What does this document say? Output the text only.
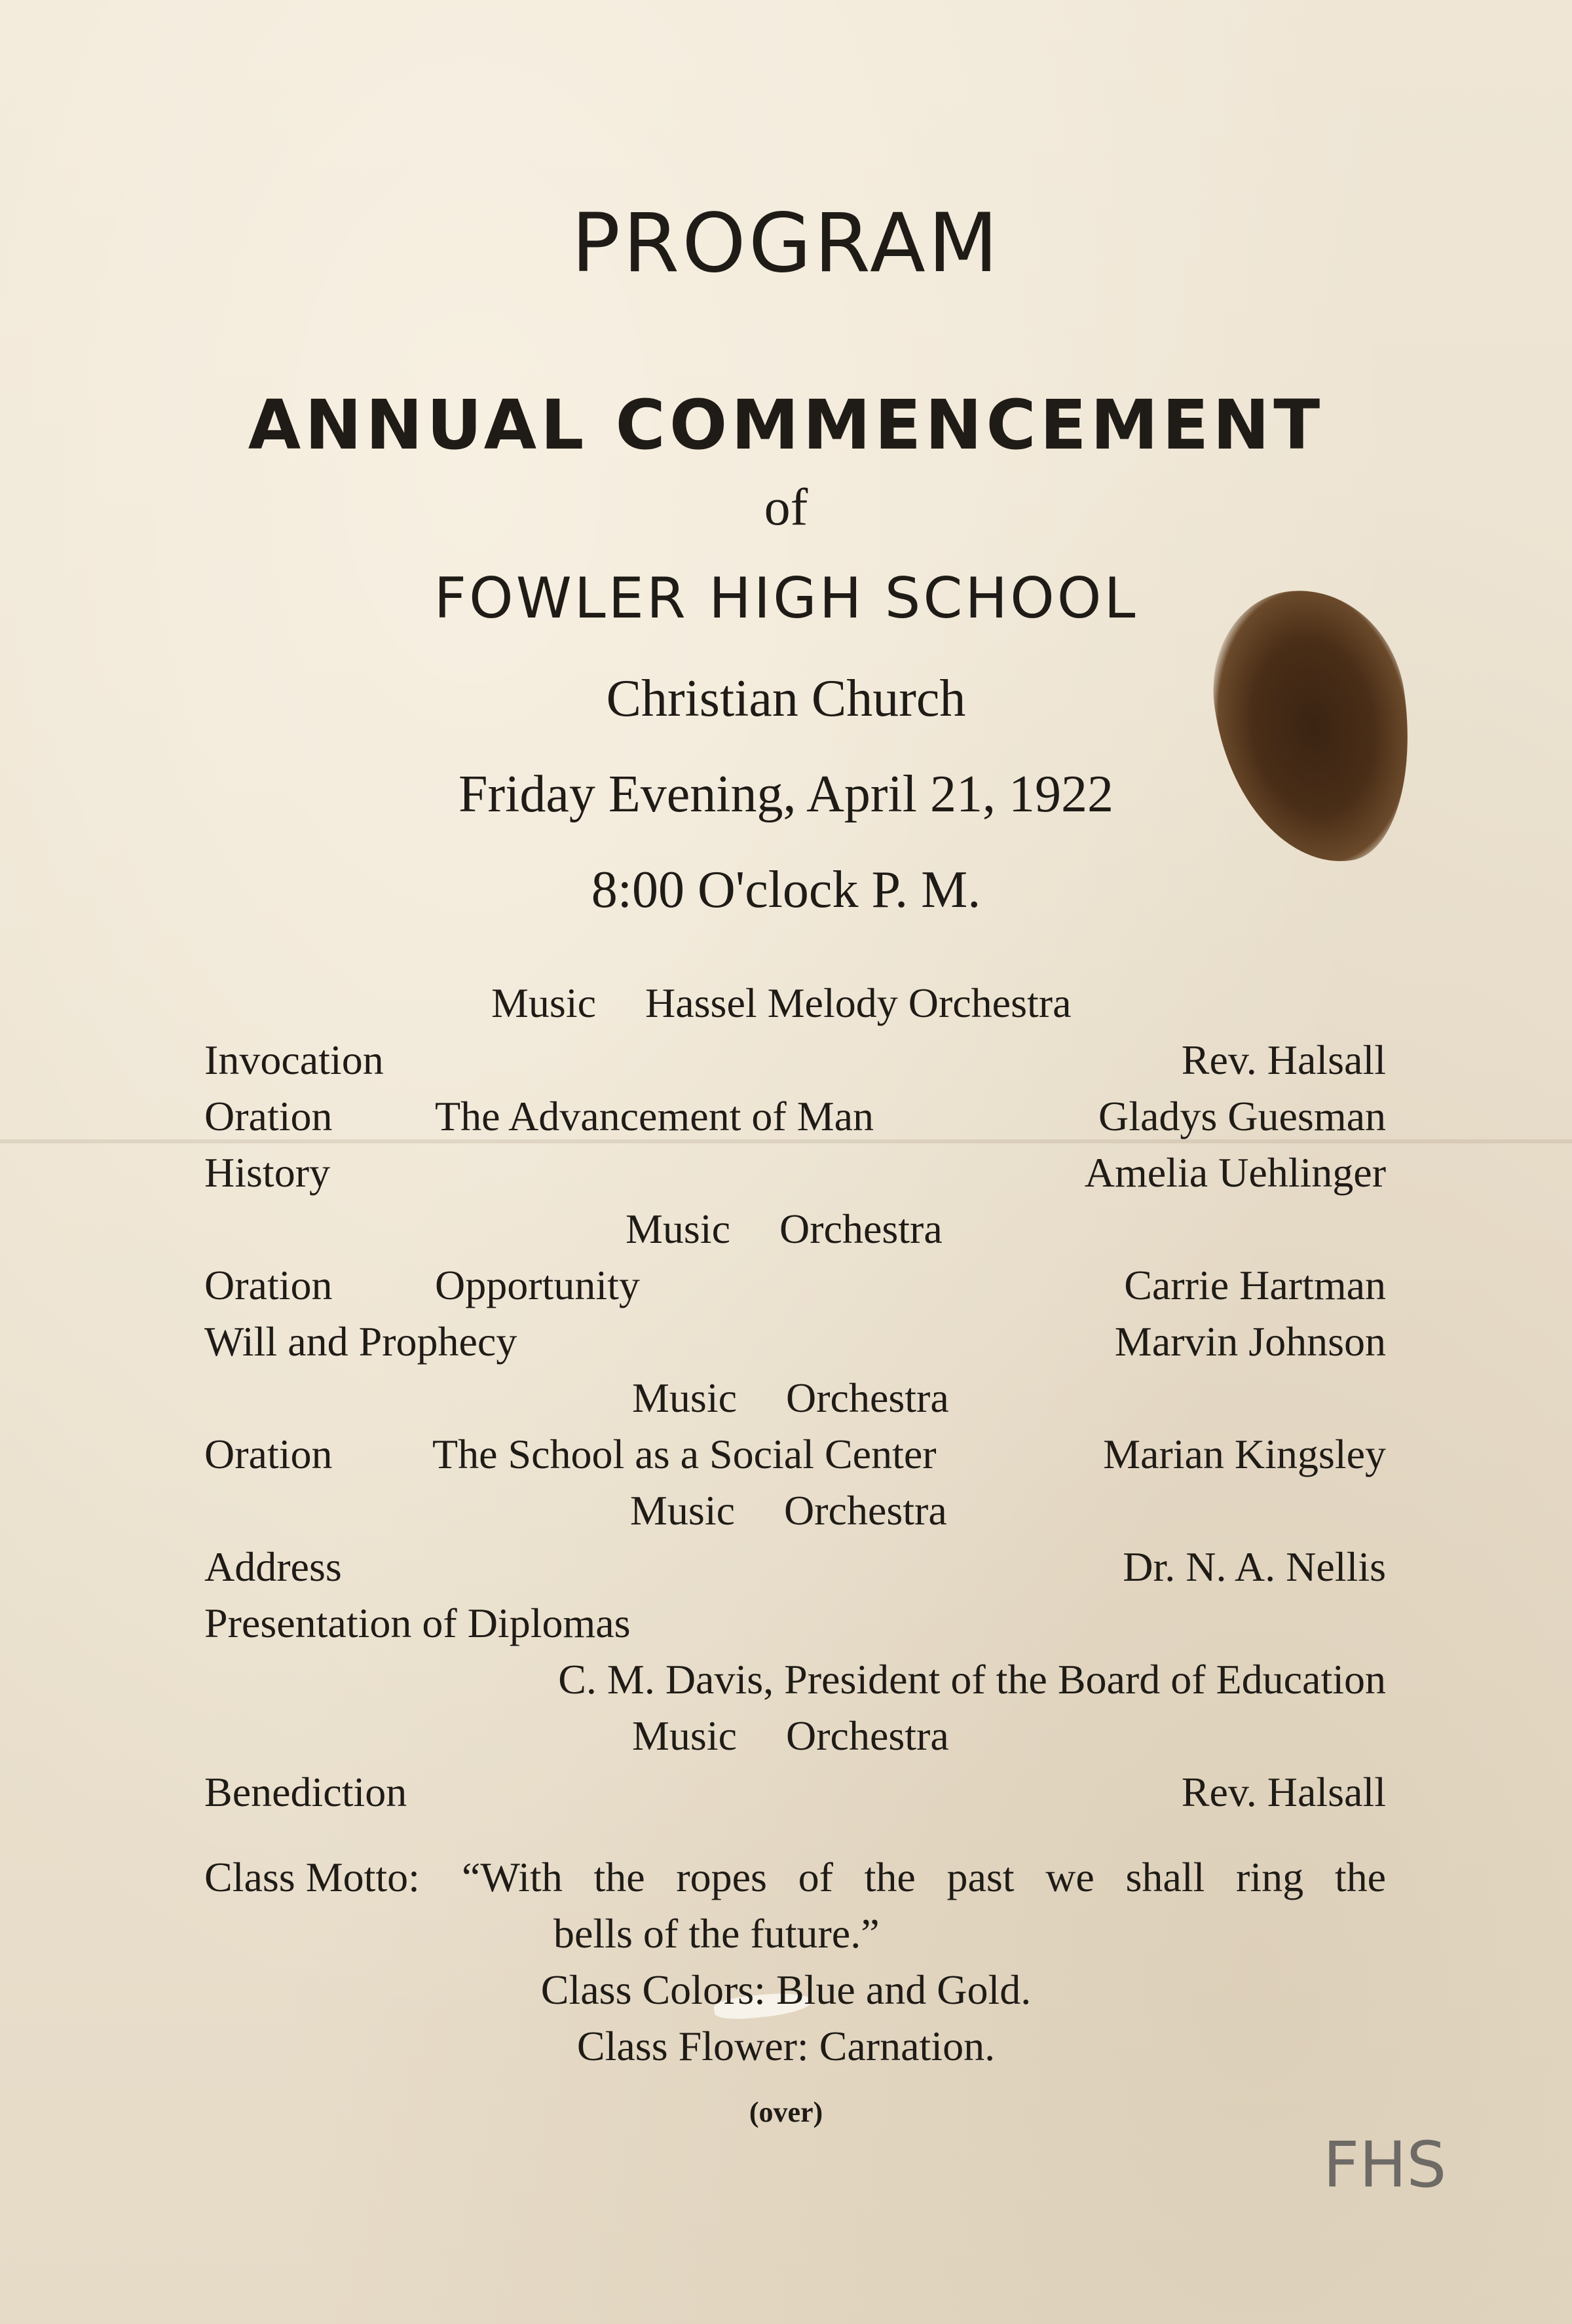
PROGRAM
ANNUAL COMMENCEMENT
of
FOWLER HIGH SCHOOL
Christian Church
Friday Evening, April 21, 1922
8:00 O'clock P. M.
Music Hassel Melody Orchestra
Invocation	Rev. Halsall
Oration The Advancement of Man	Gladys Guesman
History	Amelia Uehlinger
Music Orchestra
Oration Opportunity	Carrie Hartman
Will and Prophecy	Marvin Johnson
Music Orchestra
Oration The School as a Social Center	Marian Kingsley
Music Orchestra
Address	Dr. N. A. Nellis
Presentation of Diplomas
C. M. Davis, President of the Board of Education
Music Orchestra
Benediction	Rev. Halsall
Class Motto: “With the ropes of the past we shall ring the
bells of the future.”
Class Colors: Blue and Gold.
Class Flower: Carnation.
(over)
FHS
